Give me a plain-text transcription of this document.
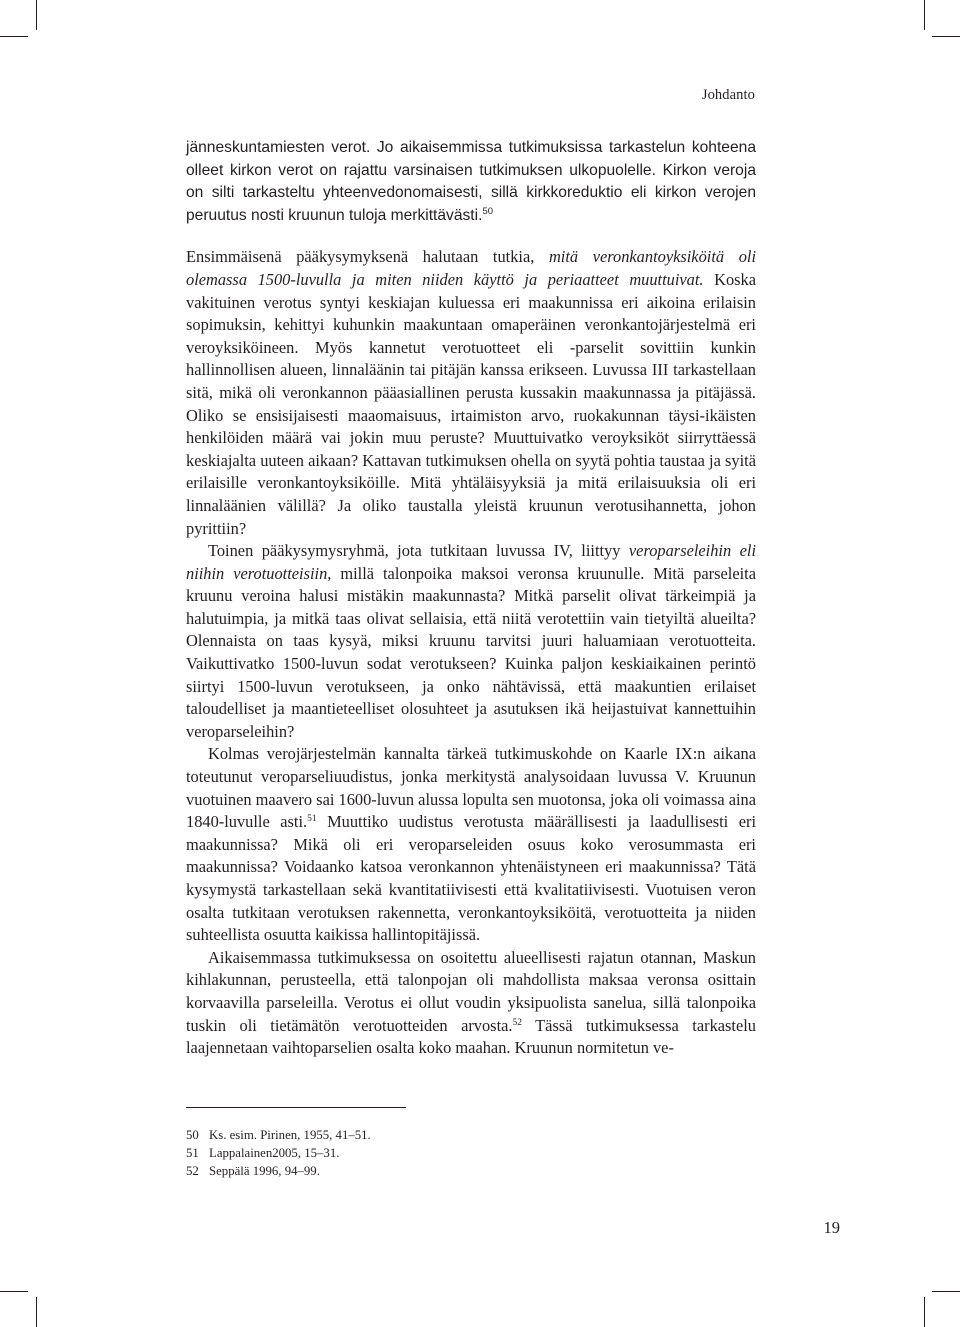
Johdanto

jänneskuntamiesten verot. Jo aikaisemmissa tutkimuksissa tarkastelun kohteena olleet kirkon verot on rajattu varsinaisen tutkimuksen ulkopuolelle. Kirkon veroja on silti tarkasteltu yhteenvedonomaisesti, sillä kirkkoreduktio eli kirkon verojen peruutus nosti kruunun tuloja merkittävästi.$^{50}$

Ensimmäisenä pääkysymyksenä halutaan tutkia, mitä veronkantoyksiköitä oli olemassa 1500-luvulla ja miten niiden käyttö ja periaatteet muuttuivat. Koska vakituinen verotus syntyi keskiajan kuluessa eri maakunnissa eri aikoina erilaisin sopimuksin, kehittyi kuhunkin maakuntaan omaperäinen veronkantojärjestelmä eri veroyksiköineen. Myös kannetut verotuotteet eli -parselit sovittiin kunkin hallinnollisen alueen, linnaläänin tai pitäjän kanssa erikseen. Luvussa III tarkastellaan sitä, mikä oli veronkannon pääasiallinen perusta kussakin maakunnassa ja pitäjässä. Oliko se ensisijaisesti maaomaisuus, irtaimiston arvo, ruokakunnan täysi-ikäisten henkilöiden määrä vai jokin muu peruste? Muuttuivatko veroyksiköt siirryttäessä keskiajalta uuteen aikaan? Kattavan tutkimuksen ohella on syytä pohtia taustaa ja syitä erilaisille veronkantoyksiköille. Mitä yhtäläisyyksiä ja mitä erilaisuuksia oli eri linnaläänien välillä? Ja oliko taustalla yleistä kruunun verotusihannetta, johon pyrittiin?

Toinen pääkysymysryhmä, jota tutkitaan luvussa IV, liittyy veroparseleihin eli niihin verotuotteisiin, millä talonpoika maksoi veronsa kruunulle. Mitä parseleita kruunu veroina halusi mistäkin maakunnasta? Mitkä parselit olivat tärkeimpiä ja halutuimpia, ja mitkä taas olivat sellaisia, että niitä verotettiin vain tietyiltä alueilta? Olennaista on taas kysyä, miksi kruunu tarvitsi juuri haluamiaan verotuotteita. Vaikuttivatko 1500-luvun sodat verotukseen? Kuinka paljon keskiaikainen perintö siirtyi 1500-luvun verotukseen, ja onko nähtävissä, että maakuntien erilaiset taloudelliset ja maantieteelliset olosuhteet ja asutuksen ikä heijastuivat kannettuihin veroparseleihin?

Kolmas verojärjestelmän kannalta tärkeä tutkimuskohde on Kaarle IX:n aikana toteutunut veroparseliuudistus, jonka merkitystä analysoidaan luvussa V. Kruunun vuotuinen maavero sai 1600-luvun alussa lopulta sen muotonsa, joka oli voimassa aina 1840-luvulle asti.$^{51}$ Muuttiko uudistus verotusta määrällisesti ja laadullisesti eri maakunnissa? Mikä oli eri veroparseleiden osuus koko verosummasta eri maakunnissa? Voidaanko katsoa veronkannon yhtenäistyneen eri maakunnissa? Tätä kysymystä tarkastellaan sekä kvantitatiivisesti että kvalitatiivisesti. Vuotuisen veron osalta tutkitaan verotuksen rakennetta, veronkantoyksiköitä, verotuotteita ja niiden suhteellista osuutta kaikissa hallintopitäjissä.

Aikaisemmassa tutkimuksessa on osoitettu alueellisesti rajatun otannan, Maskun kihlakunnan, perusteella, että talonpojan oli mahdollista maksaa veronsa osittain korvaavilla parseleilla. Verotus ei ollut voudin yksipuolista sanelua, sillä talonpoika tuskin oli tietämätön verotuotteiden arvosta.$^{52}$ Tässä tutkimuksessa tarkastelu laajennetaan vaihtoparselien osalta koko maahan. Kruunun normitetun ve-

50 Ks. esim. Pirinen, 1955, 41–51.
51 Lappalainen2005, 15–31.
52 Seppälä 1996, 94–99.
19
